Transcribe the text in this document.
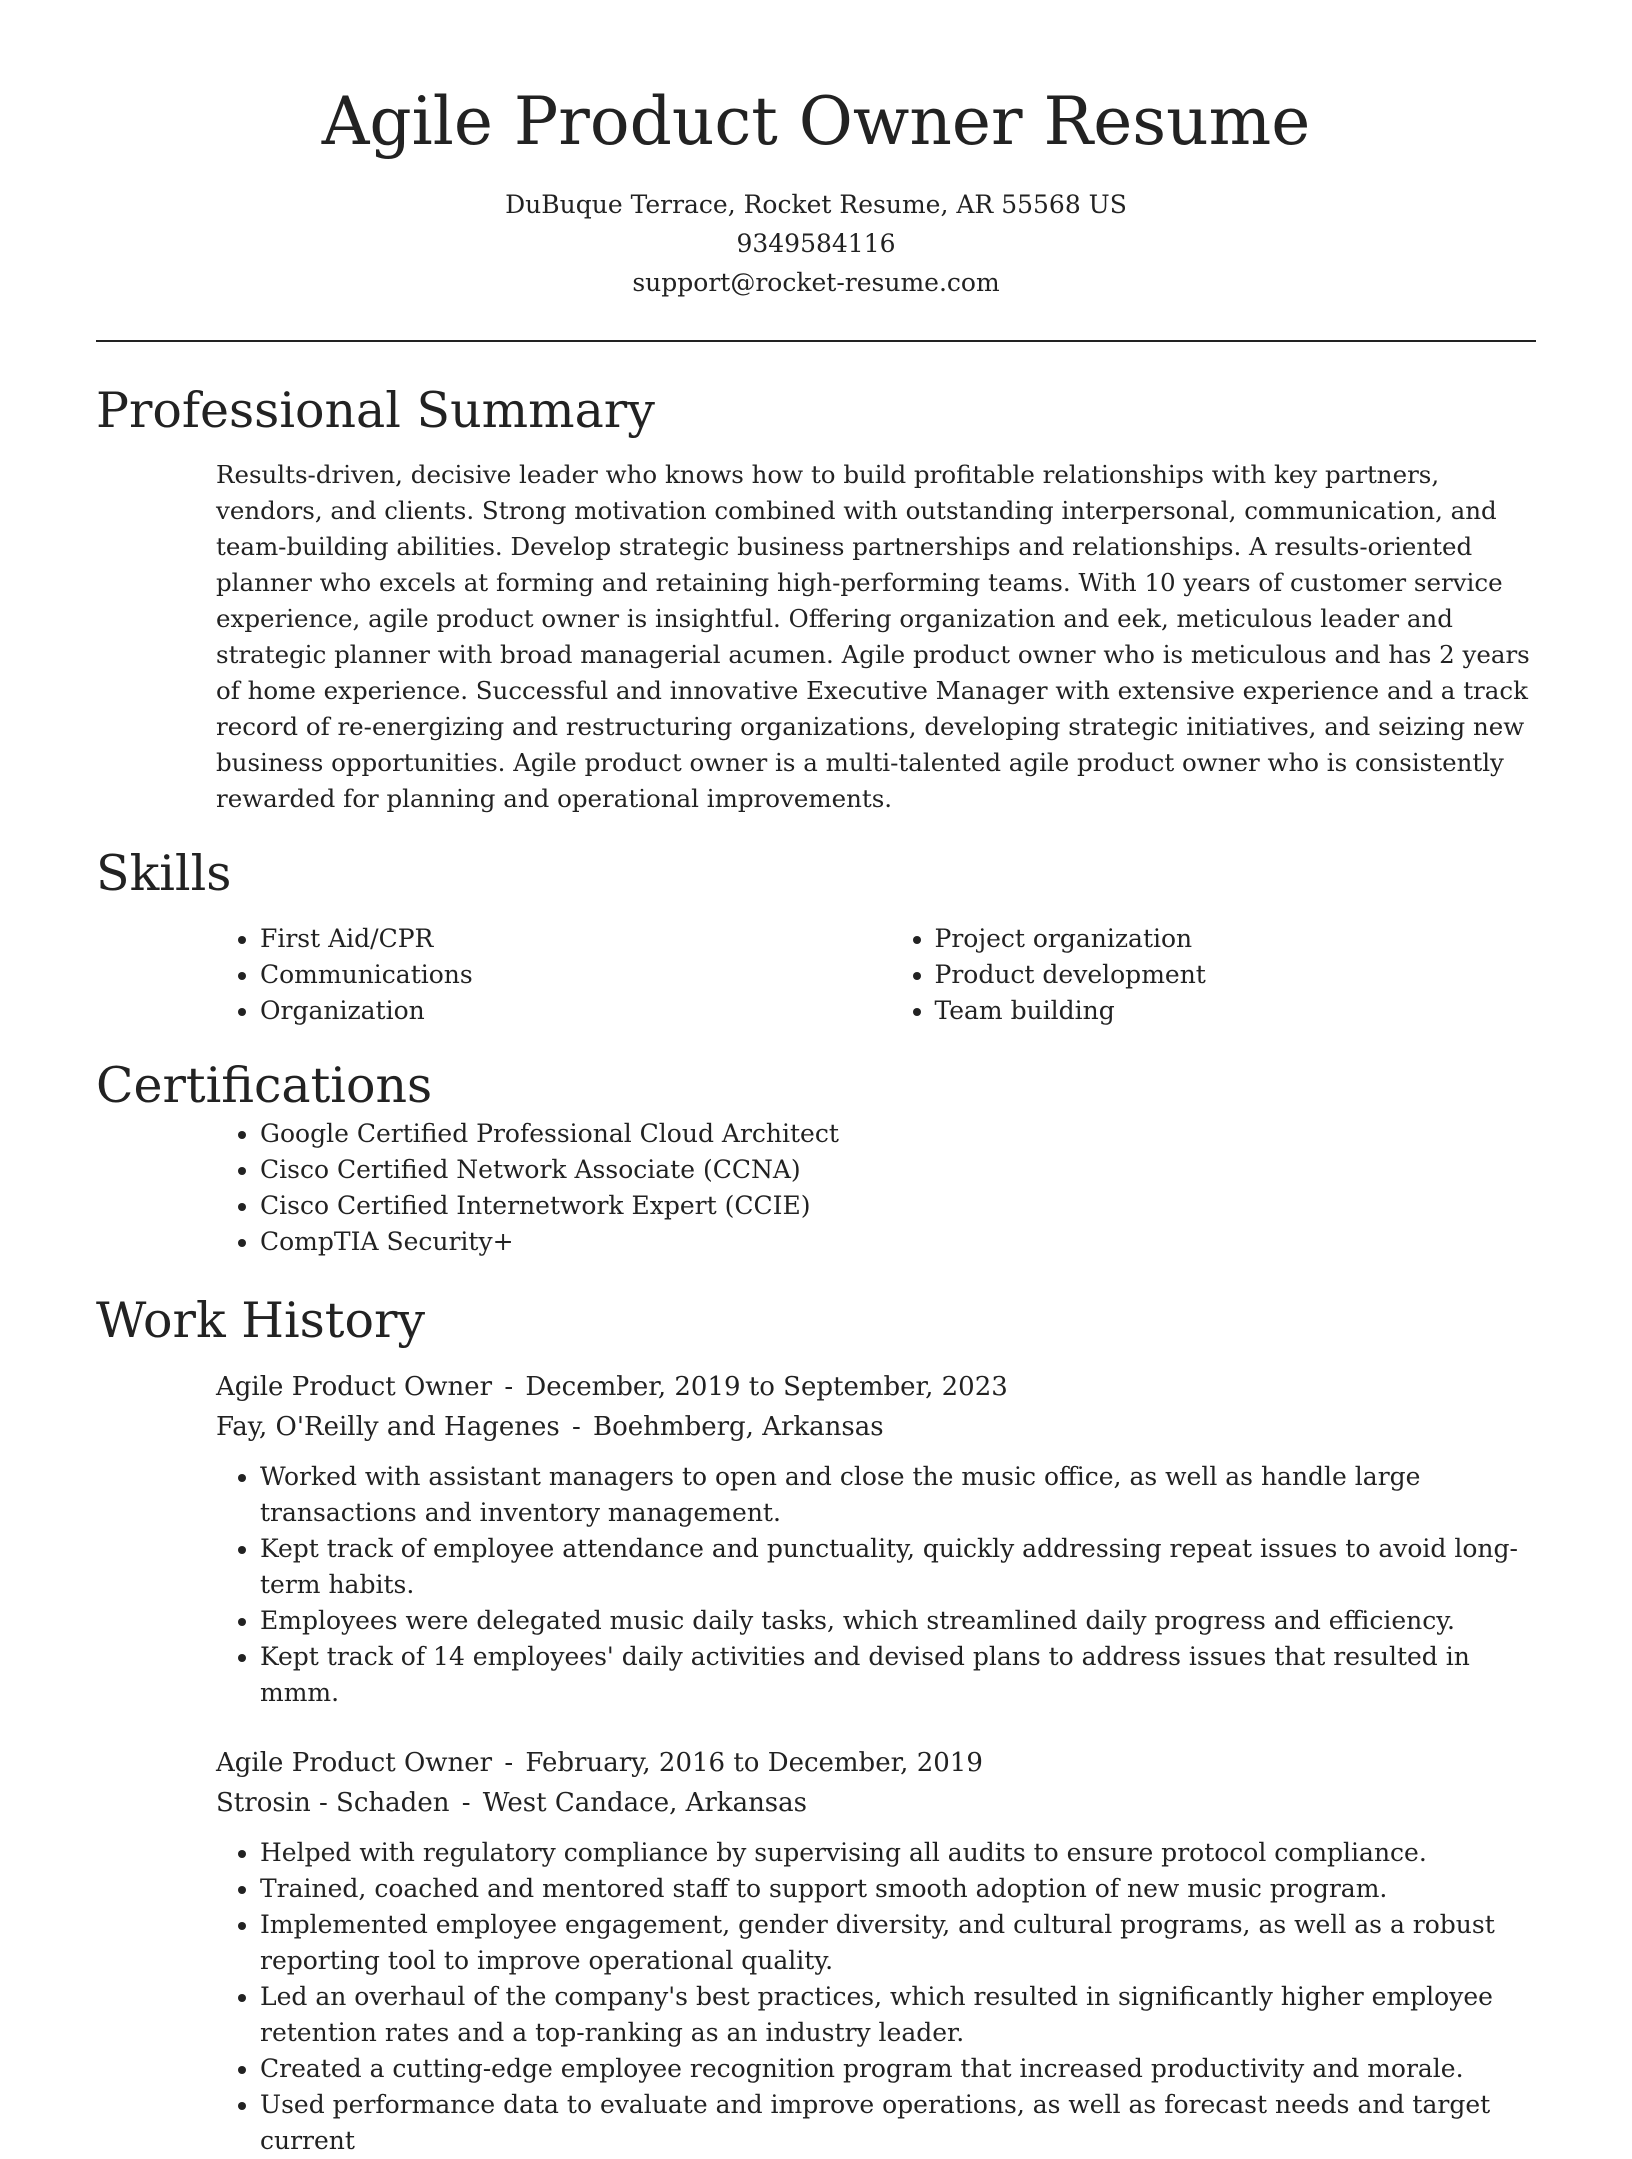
Agile Product Owner Resume
DuBuque Terrace, Rocket Resume, AR 55568 US
9349584116
support@rocket-resume.com
Professional Summary

Results-driven, decisive leader who knows how to build profitable relationships with key partners, vendors, and clients. Strong motivation combined with outstanding interpersonal, communication, and team-building abilities. Develop strategic business partnerships and relationships. A results-oriented planner who excels at forming and retaining high-performing teams. With 10 years of customer service experience, agile product owner is insightful. Offering organization and eek, meticulous leader and strategic planner with broad managerial acumen. Agile product owner who is meticulous and has 2 years of home experience. Successful and innovative Executive Manager with extensive experience and a track record of re-energizing and restructuring organizations, developing strategic initiatives, and seizing new business opportunities. Agile product owner is a multi-talented agile product owner who is consistently rewarded for planning and operational improvements.

Skills
• First Aid/CPR
• Communications
• Organization
• Project organization
• Product development
• Team building
Certifications
• Google Certified Professional Cloud Architect
• Cisco Certified Network Associate (CCNA)
• Cisco Certified Internetwork Expert (CCIE)
• CompTIA Security+
Work History
Agile Product Owner - December, 2019 to September, 2023
Fay, O'Reilly and Hagenes - Boehmberg, Arkansas
• Worked with assistant managers to open and close the music office, as well as handle large transactions and inventory management.
• Kept track of employee attendance and punctuality, quickly addressing repeat issues to avoid long-term habits.
• Employees were delegated music daily tasks, which streamlined daily progress and efficiency.
• Kept track of 14 employees' daily activities and devised plans to address issues that resulted in mmm.
Agile Product Owner - February, 2016 to December, 2019
Strosin - Schaden - West Candace, Arkansas
• Helped with regulatory compliance by supervising all audits to ensure protocol compliance.
• Trained, coached and mentored staff to support smooth adoption of new music program.
• Implemented employee engagement, gender diversity, and cultural programs, as well as a robust reporting tool to improve operational quality.
• Led an overhaul of the company's best practices, which resulted in significantly higher employee retention rates and a top-ranking as an industry leader.
• Created a cutting-edge employee recognition program that increased productivity and morale.
• Used performance data to evaluate and improve operations, as well as forecast needs and target current
